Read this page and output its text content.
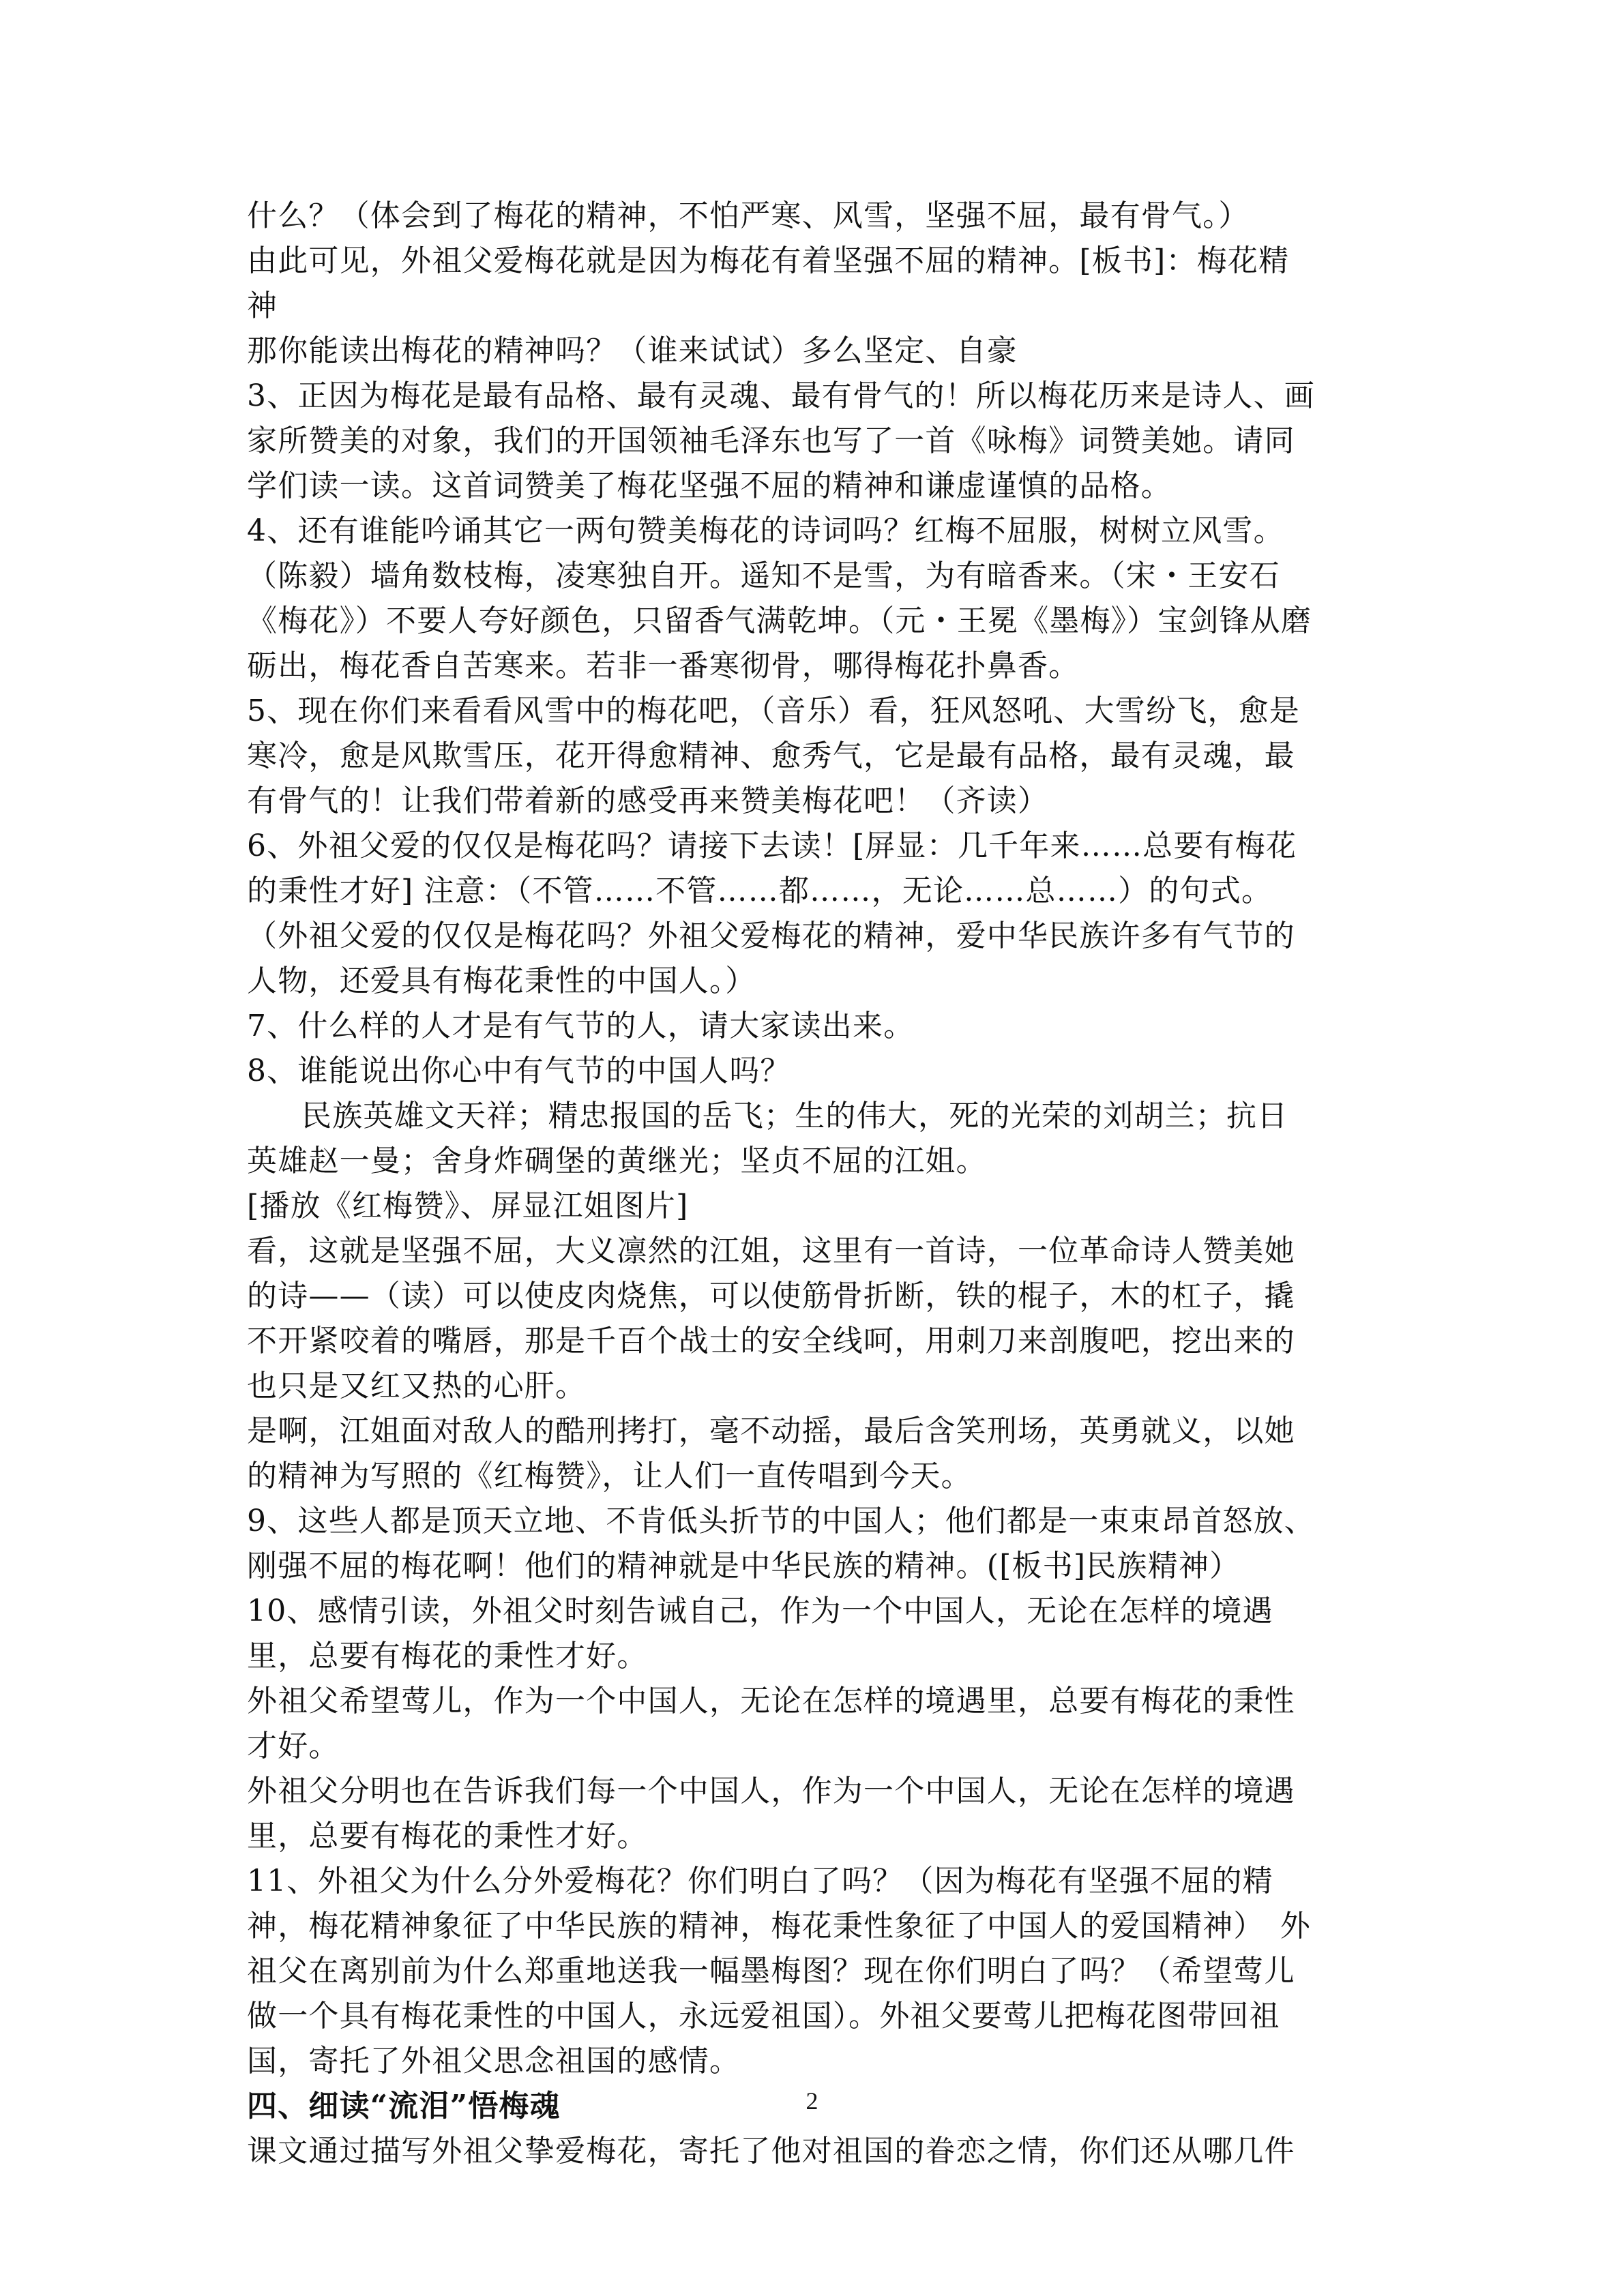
什么？（体会到了梅花的精神，不怕严寒、风雪，坚强不屈，最有骨气。）
由此可见，外祖父爱梅花就是因为梅花有着坚强不屈的精神。[板书]：梅花精
神
那你能读出梅花的精神吗？（谁来试试）多么坚定、自豪
3、正因为梅花是最有品格、最有灵魂、最有骨气的！所以梅花历来是诗人、画
家所赞美的对象，我们的开国领袖毛泽东也写了一首《咏梅》词赞美她。请同
学们读一读。这首词赞美了梅花坚强不屈的精神和谦虚谨慎的品格。
4、还有谁能吟诵其它一两句赞美梅花的诗词吗？红梅不屈服，树树立风雪。
（陈毅）墙角数枝梅，凌寒独自开。遥知不是雪，为有暗香来。（宋・王安石
《梅花》）不要人夸好颜色，只留香气满乾坤。（元・王冕《墨梅》）宝剑锋从磨
砺出，梅花香自苦寒来。若非一番寒彻骨，哪得梅花扑鼻香。
5、现在你们来看看风雪中的梅花吧，（音乐）看，狂风怒吼、大雪纷飞，愈是
寒冷，愈是风欺雪压，花开得愈精神、愈秀气，它是最有品格，最有灵魂，最
有骨气的！让我们带着新的感受再来赞美梅花吧！（齐读）
6、外祖父爱的仅仅是梅花吗？请接下去读！[屏显：几千年来……总要有梅花
的秉性才好] 注意：（不管……不管……都……，无论……总……）的句式。
（外祖父爱的仅仅是梅花吗？外祖父爱梅花的精神，爱中华民族许多有气节的
人物，还爱具有梅花秉性的中国人。）
7、什么样的人才是有气节的人，请大家读出来。
8、谁能说出你心中有气节的中国人吗？
民族英雄文天祥；精忠报国的岳飞；生的伟大，死的光荣的刘胡兰；抗日
英雄赵一曼；舍身炸碉堡的黄继光；坚贞不屈的江姐。
[播放《红梅赞》、屏显江姐图片]
看，这就是坚强不屈，大义凛然的江姐，这里有一首诗，一位革命诗人赞美她
的诗——（读）可以使皮肉烧焦，可以使筋骨折断，铁的棍子，木的杠子，撬
不开紧咬着的嘴唇，那是千百个战士的安全线呵，用刺刀来剖腹吧，挖出来的
也只是又红又热的心肝。
是啊，江姐面对敌人的酷刑拷打，毫不动摇，最后含笑刑场，英勇就义，以她
的精神为写照的《红梅赞》，让人们一直传唱到今天。
9、这些人都是顶天立地、不肯低头折节的中国人；他们都是一束束昂首怒放、
刚强不屈的梅花啊！他们的精神就是中华民族的精神。([板书]民族精神）
10、感情引读，外祖父时刻告诫自己，作为一个中国人，无论在怎样的境遇
里，总要有梅花的秉性才好。
外祖父希望莺儿，作为一个中国人，无论在怎样的境遇里，总要有梅花的秉性
才好。
外祖父分明也在告诉我们每一个中国人，作为一个中国人，无论在怎样的境遇
里，总要有梅花的秉性才好。
11、外祖父为什么分外爱梅花？你们明白了吗？（因为梅花有坚强不屈的精
神，梅花精神象征了中华民族的精神，梅花秉性象征了中国人的爱国精神）　外
祖父在离别前为什么郑重地送我一幅墨梅图？现在你们明白了吗？（希望莺儿
做一个具有梅花秉性的中国人，永远爱祖国）。外祖父要莺儿把梅花图带回祖
国，寄托了外祖父思念祖国的感情。
四、细读“流泪”悟梅魂
课文通过描写外祖父挚爱梅花，寄托了他对祖国的眷恋之情，你们还从哪几件
2
